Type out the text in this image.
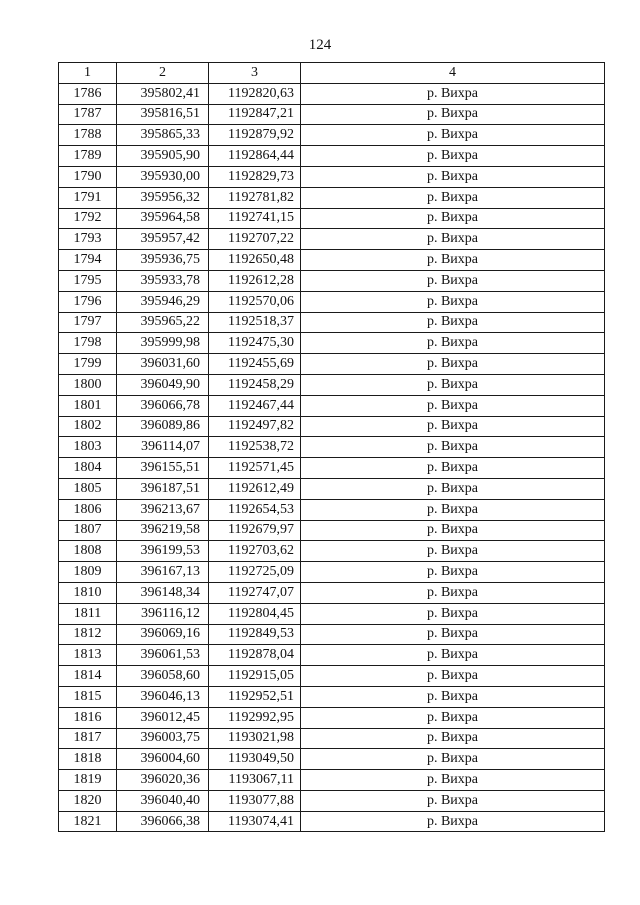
124
1	2	3	4
1786	395802,41	1192820,63	р. Вихра
1787	395816,51	1192847,21	р. Вихра
1788	395865,33	1192879,92	р. Вихра
1789	395905,90	1192864,44	р. Вихра
1790	395930,00	1192829,73	р. Вихра
1791	395956,32	1192781,82	р. Вихра
1792	395964,58	1192741,15	р. Вихра
1793	395957,42	1192707,22	р. Вихра
1794	395936,75	1192650,48	р. Вихра
1795	395933,78	1192612,28	р. Вихра
1796	395946,29	1192570,06	р. Вихра
1797	395965,22	1192518,37	р. Вихра
1798	395999,98	1192475,30	р. Вихра
1799	396031,60	1192455,69	р. Вихра
1800	396049,90	1192458,29	р. Вихра
1801	396066,78	1192467,44	р. Вихра
1802	396089,86	1192497,82	р. Вихра
1803	396114,07	1192538,72	р. Вихра
1804	396155,51	1192571,45	р. Вихра
1805	396187,51	1192612,49	р. Вихра
1806	396213,67	1192654,53	р. Вихра
1807	396219,58	1192679,97	р. Вихра
1808	396199,53	1192703,62	р. Вихра
1809	396167,13	1192725,09	р. Вихра
1810	396148,34	1192747,07	р. Вихра
1811	396116,12	1192804,45	р. Вихра
1812	396069,16	1192849,53	р. Вихра
1813	396061,53	1192878,04	р. Вихра
1814	396058,60	1192915,05	р. Вихра
1815	396046,13	1192952,51	р. Вихра
1816	396012,45	1192992,95	р. Вихра
1817	396003,75	1193021,98	р. Вихра
1818	396004,60	1193049,50	р. Вихра
1819	396020,36	1193067,11	р. Вихра
1820	396040,40	1193077,88	р. Вихра
1821	396066,38	1193074,41	р. Вихра
